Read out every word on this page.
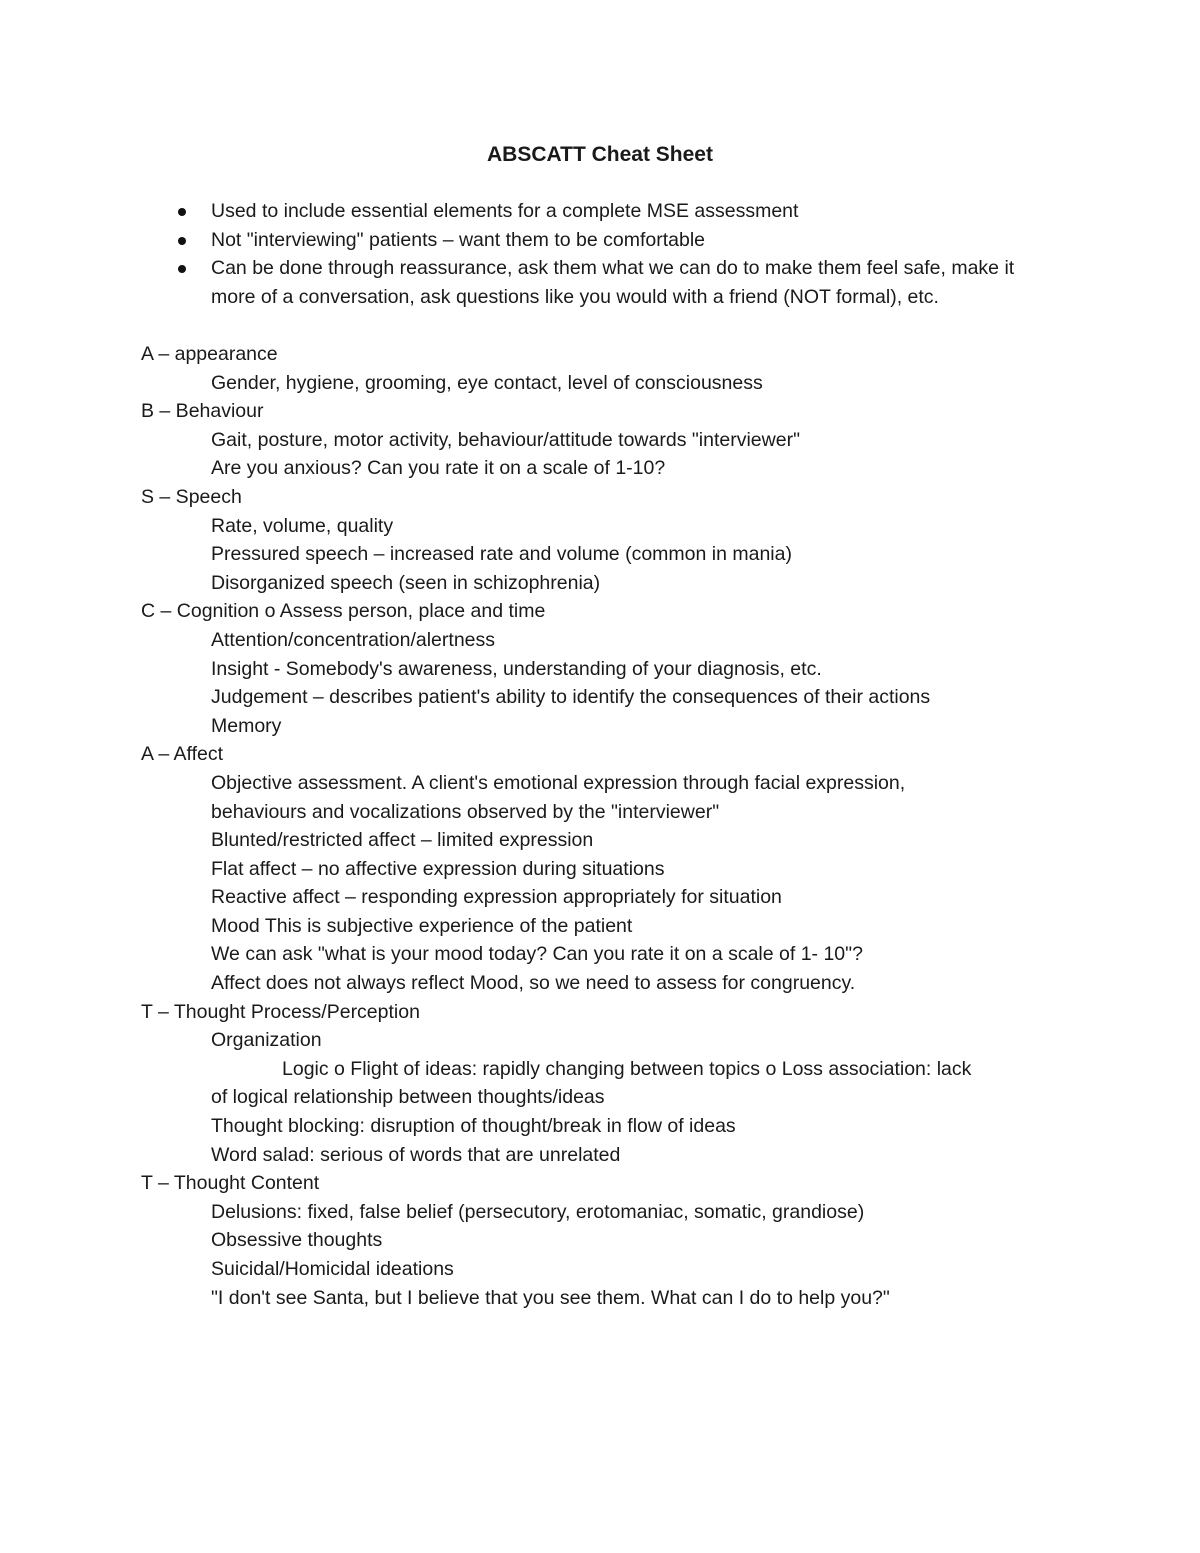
ABSCATT Cheat Sheet
Used to include essential elements for a complete MSE assessment
Not "interviewing" patients – want them to be comfortable
Can be done through reassurance, ask them what we can do to make them feel safe, make it more of a conversation, ask questions like you would with a friend (NOT formal), etc.
A – appearance
Gender, hygiene, grooming, eye contact, level of consciousness
B – Behaviour
Gait, posture, motor activity, behaviour/attitude towards "interviewer"
Are you anxious? Can you rate it on a scale of 1-10?
S – Speech
Rate, volume, quality
Pressured speech – increased rate and volume (common in mania)
Disorganized speech (seen in schizophrenia)
C – Cognition o Assess person, place and time
Attention/concentration/alertness
Insight - Somebody's awareness, understanding of your diagnosis, etc.
Judgement – describes patient's ability to identify the consequences of their actions
Memory
A – Affect
Objective assessment. A client's emotional expression through facial expression,
behaviours and vocalizations observed by the "interviewer"
Blunted/restricted affect – limited expression
Flat affect – no affective expression during situations
Reactive affect – responding expression appropriately for situation
Mood This is subjective experience of the patient
We can ask "what is your mood today? Can you rate it on a scale of 1- 10"?
Affect does not always reflect Mood, so we need to assess for congruency.
T – Thought Process/Perception
Organization
Logic o Flight of ideas: rapidly changing between topics o Loss association: lack
of logical relationship between thoughts/ideas
Thought blocking: disruption of thought/break in flow of ideas
Word salad: serious of words that are unrelated
T – Thought Content
Delusions: fixed, false belief (persecutory, erotomaniac, somatic, grandiose)
Obsessive thoughts
Suicidal/Homicidal ideations
"I don't see Santa, but I believe that you see them. What can I do to help you?"
